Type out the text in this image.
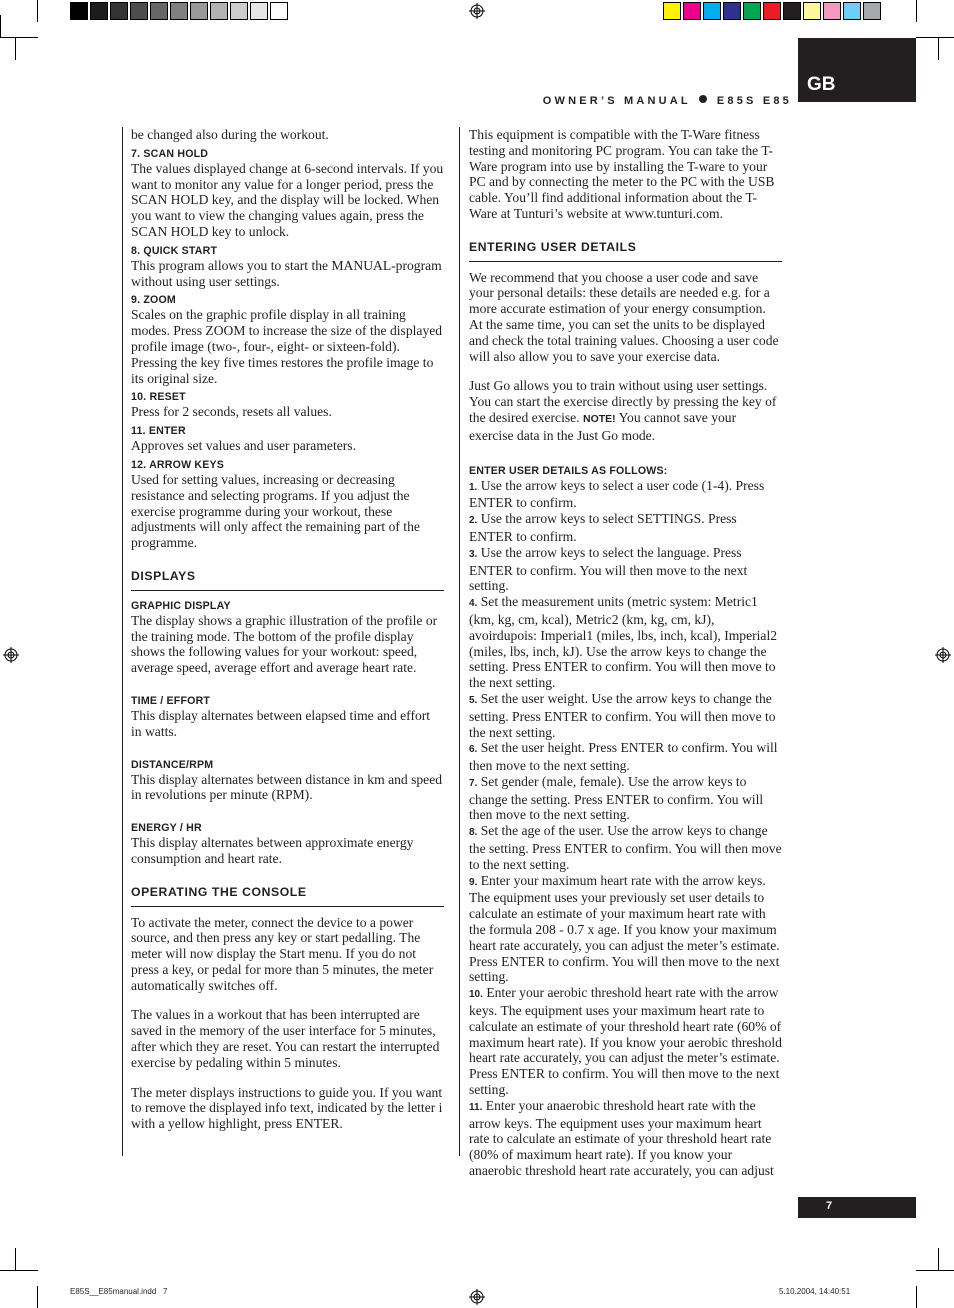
OWNER’S MANUAL E85S E85
GB

be changed also during the workout.

7. SCAN HOLD

The values displayed change at 6-second intervals. If you want to monitor any value for a longer period, press the SCAN HOLD key, and the display will be locked. When you want to view the changing values again, press the SCAN HOLD key to unlock.

8. QUICK START

This program allows you to start the MANUAL-program without using user settings.

9. ZOOM

Scales on the graphic profile display in all training modes. Press ZOOM to increase the size of the displayed profile image (two-, four-, eight- or sixteen-fold). Pressing the key five times restores the profile image to its original size.

10. RESET

Press for 2 seconds, resets all values.

11. ENTER

Approves set values and user parameters.

12. ARROW KEYS

Used for setting values, increasing or decreasing resistance and selecting programs. If you adjust the exercise programme during your workout, these adjustments will only affect the remaining part of the programme.

DISPLAYS
GRAPHIC DISPLAY

The display shows a graphic illustration of the profile or the training mode. The bottom of the profile display shows the following values for your workout: speed, average speed, average effort and average heart rate.

TIME / EFFORT

This display alternates between elapsed time and effort in watts.

DISTANCE/RPM

This display alternates between distance in km and speed in revolutions per minute (RPM).

ENERGY / HR

This display alternates between approximate energy consumption and heart rate.

OPERATING THE CONSOLE

To activate the meter, connect the device to a power source, and then press any key or start pedalling. The meter will now display the Start menu. If you do not press a key, or pedal for more than 5 minutes, the meter automatically switches off.

The values in a workout that has been interrupted are saved in the memory of the user interface for 5 minutes, after which they are reset. You can restart the interrupted exercise by pedaling within 5 minutes.

The meter displays instructions to guide you. If you want to remove the displayed info text, indicated by the letter i with a yellow highlight, press ENTER.

This equipment is compatible with the T-Ware fitness testing and monitoring PC program. You can take the T-Ware program into use by installing the T-ware to your PC and by connecting the meter to the PC with the USB cable. You’ll find additional information about the T-Ware at Tunturi’s website at www.tunturi.com.

ENTERING USER DETAILS

We recommend that you choose a user code and save your personal details: these details are needed e.g. for a more accurate estimation of your energy consumption. At the same time, you can set the units to be displayed and check the total training values. Choosing a user code will also allow you to save your exercise data.

Just Go allows you to train without using user settings. You can start the exercise directly by pressing the key of the desired exercise. NOTE! You cannot save your exercise data in the Just Go mode.

ENTER USER DETAILS AS FOLLOWS:

1. Use the arrow keys to select a user code (1-4). Press ENTER to confirm.

2. Use the arrow keys to select SETTINGS. Press ENTER to confirm.

3. Use the arrow keys to select the language. Press ENTER to confirm. You will then move to the next setting.

4. Set the measurement units (metric system: Metric1 (km, kg, cm, kcal), Metric2 (km, kg, cm, kJ), avoirdupois: Imperial1 (miles, lbs, inch, kcal), Imperial2 (miles, lbs, inch, kJ). Use the arrow keys to change the setting. Press ENTER to confirm. You will then move to the next setting.

5. Set the user weight. Use the arrow keys to change the setting. Press ENTER to confirm. You will then move to the next setting.

6. Set the user height. Press ENTER to confirm. You will then move to the next setting.

7. Set gender (male, female). Use the arrow keys to change the setting. Press ENTER to confirm. You will then move to the next setting.

8. Set the age of the user. Use the arrow keys to change the setting. Press ENTER to confirm. You will then move to the next setting.

9. Enter your maximum heart rate with the arrow keys. The equipment uses your previously set user details to calculate an estimate of your maximum heart rate with the formula 208 - 0.7 x age. If you know your maximum heart rate accurately, you can adjust the meter’s estimate. Press ENTER to confirm. You will then move to the next setting.

10. Enter your aerobic threshold heart rate with the arrow keys. The equipment uses your maximum heart rate to calculate an estimate of your threshold heart rate (60% of maximum heart rate). If you know your aerobic threshold heart rate accurately, you can adjust the meter’s estimate. Press ENTER to confirm. You will then move to the next setting.

11. Enter your anaerobic threshold heart rate with the arrow keys. The equipment uses your maximum heart rate to calculate an estimate of your threshold heart rate (80% of maximum heart rate). If you know your anaerobic threshold heart rate accurately, you can adjust

7
E85S__E85manual.indd   7	5.10.2004, 14:40:51
